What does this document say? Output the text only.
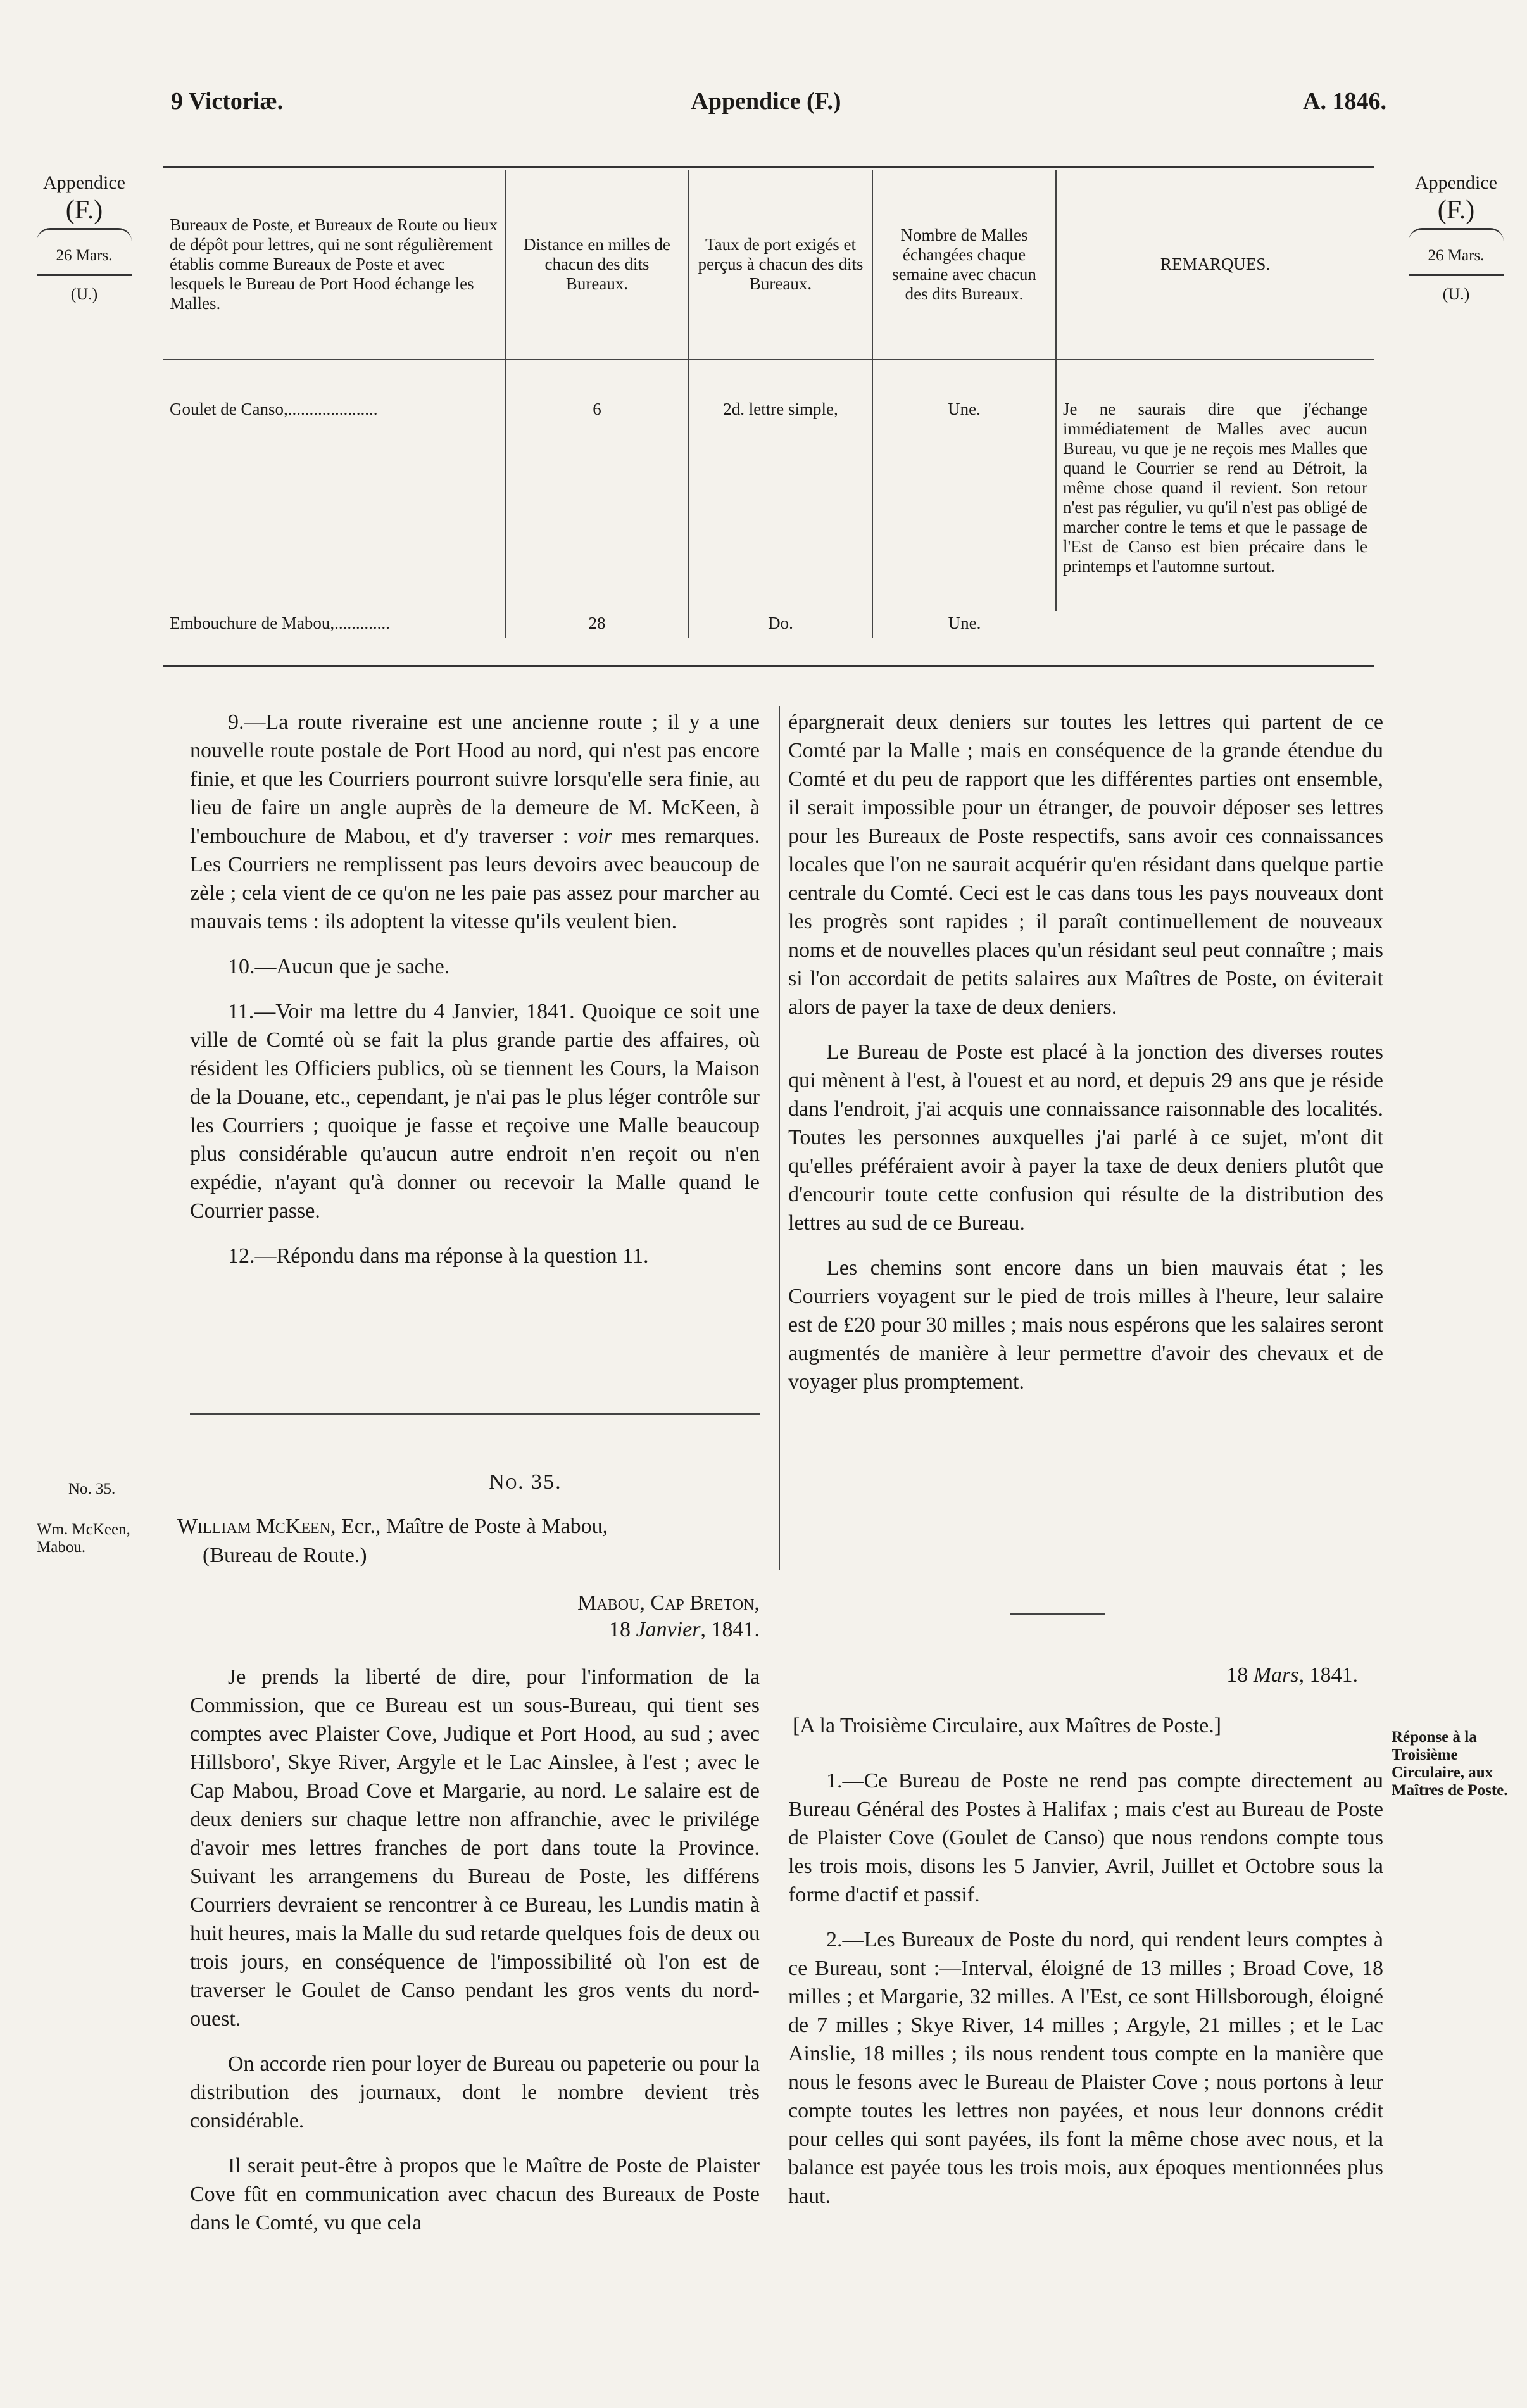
9 Victoriæ.	Appendice (F.)	A. 1846.
Appendice
(F.)
26 Mars.
(U.)
Appendice
(F.)
26 Mars.
(U.)
Bureaux de Poste, et Bureaux de Route ou lieux de dépôt pour lettres, qui ne sont régulièrement établis comme Bureaux de Poste et avec lesquels le Bureau de Port Hood échange les Malles.	Distance en milles de chacun des dits Bureaux.	Taux de port exigés et perçus à chacun des dits Bureaux.	Nombre de Malles échangées chaque semaine avec chacun des dits Bureaux.	REMARQUES.
Goulet de Canso,.....................	6	2d. lettre simple,	Une.	Je ne saurais dire que j'échange immédiatement de Malles avec aucun Bureau, vu que je ne reçois mes Malles que quand le Courrier se rend au Détroit, la même chose quand il revient. Son retour n'est pas régulier, vu qu'il n'est pas obligé de marcher contre le tems et que le passage de l'Est de Canso est bien précaire dans le printemps et l'automne surtout.
Embouchure de Mabou,.............	28	Do.	Une.	

9.—La route riveraine est une ancienne route ; il y a une nouvelle route postale de Port Hood au nord, qui n'est pas encore finie, et que les Courriers pourront suivre lorsqu'elle sera finie, au lieu de faire un angle auprès de la demeure de M. McKeen, à l'embouchure de Mabou, et d'y traverser : voir mes remarques. Les Courriers ne remplissent pas leurs devoirs avec beaucoup de zèle ; cela vient de ce qu'on ne les paie pas assez pour marcher au mauvais tems : ils adoptent la vitesse qu'ils veulent bien.

10.—Aucun que je sache.

11.—Voir ma lettre du 4 Janvier, 1841. Quoique ce soit une ville de Comté où se fait la plus grande partie des affaires, où résident les Officiers publics, où se tiennent les Cours, la Maison de la Douane, etc., cependant, je n'ai pas le plus léger contrôle sur les Courriers ; quoique je fasse et reçoive une Malle beaucoup plus considérable qu'aucun autre endroit n'en reçoit ou n'en expédie, n'ayant qu'à donner ou recevoir la Malle quand le Courrier passe.

12.—Répondu dans ma réponse à la question 11.

épargnerait deux deniers sur toutes les lettres qui partent de ce Comté par la Malle ; mais en conséquence de la grande étendue du Comté et du peu de rapport que les différentes parties ont ensemble, il serait impossible pour un étranger, de pouvoir déposer ses lettres pour les Bureaux de Poste respectifs, sans avoir ces connaissances locales que l'on ne saurait acquérir qu'en résidant dans quelque partie centrale du Comté. Ceci est le cas dans tous les pays nouveaux dont les progrès sont rapides ; il paraît continuellement de nouveaux noms et de nouvelles places qu'un résidant seul peut connaître ; mais si l'on accordait de petits salaires aux Maîtres de Poste, on éviterait alors de payer la taxe de deux deniers.

Le Bureau de Poste est placé à la jonction des diverses routes qui mènent à l'est, à l'ouest et au nord, et depuis 29 ans que je réside dans l'endroit, j'ai acquis une connaissance raisonnable des localités. Toutes les personnes auxquelles j'ai parlé à ce sujet, m'ont dit qu'elles préféraient avoir à payer la taxe de deux deniers plutôt que d'encourir toute cette confusion qui résulte de la distribution des lettres au sud de ce Bureau.

Les chemins sont encore dans un bien mauvais état ; les Courriers voyagent sur le pied de trois milles à l'heure, leur salaire est de £20 pour 30 milles ; mais nous espérons que les salaires seront augmentés de manière à leur permettre d'avoir des chevaux et de voyager plus promptement.

No. 35.
Wm. McKeen, Mabou.
No. 35.
William McKeen, Ecr., Maître de Poste à Mabou,
(Bureau de Route.)
Mabou, Cap Breton,
18 Janvier, 1841.

Je prends la liberté de dire, pour l'information de la Commission, que ce Bureau est un sous-Bureau, qui tient ses comptes avec Plaister Cove, Judique et Port Hood, au sud ; avec Hillsboro', Skye River, Argyle et le Lac Ainslee, à l'est ; avec le Cap Mabou, Broad Cove et Margarie, au nord. Le salaire est de deux deniers sur chaque lettre non affranchie, avec le privilége d'avoir mes lettres franches de port dans toute la Province. Suivant les arrangemens du Bureau de Poste, les différens Courriers devraient se rencontrer à ce Bureau, les Lundis matin à huit heures, mais la Malle du sud retarde quelques fois de deux ou trois jours, en conséquence de l'impossibilité où l'on est de traverser le Goulet de Canso pendant les gros vents du nord-ouest.

On accorde rien pour loyer de Bureau ou papeterie ou pour la distribution des journaux, dont le nombre devient très considérable.

Il serait peut-être à propos que le Maître de Poste de Plaister Cove fût en communication avec chacun des Bureaux de Poste dans le Comté, vu que cela

18 Mars, 1841.
[A la Troisième Circulaire, aux Maîtres de Poste.]

1.—Ce Bureau de Poste ne rend pas compte directement au Bureau Général des Postes à Halifax ; mais c'est au Bureau de Poste de Plaister Cove (Goulet de Canso) que nous rendons compte tous les trois mois, disons les 5 Janvier, Avril, Juillet et Octobre sous la forme d'actif et passif.

2.—Les Bureaux de Poste du nord, qui rendent leurs comptes à ce Bureau, sont :—Interval, éloigné de 13 milles ; Broad Cove, 18 milles ; et Margarie, 32 milles. A l'Est, ce sont Hillsborough, éloigné de 7 milles ; Skye River, 14 milles ; Argyle, 21 milles ; et le Lac Ainslie, 18 milles ; ils nous rendent tous compte en la manière que nous le fesons avec le Bureau de Plaister Cove ; nous portons à leur compte toutes les lettres non payées, et nous leur donnons crédit pour celles qui sont payées, ils font la même chose avec nous, et la balance est payée tous les trois mois, aux époques mentionnées plus haut.

Réponse à la Troisième Circulaire, aux Maîtres de Poste.
